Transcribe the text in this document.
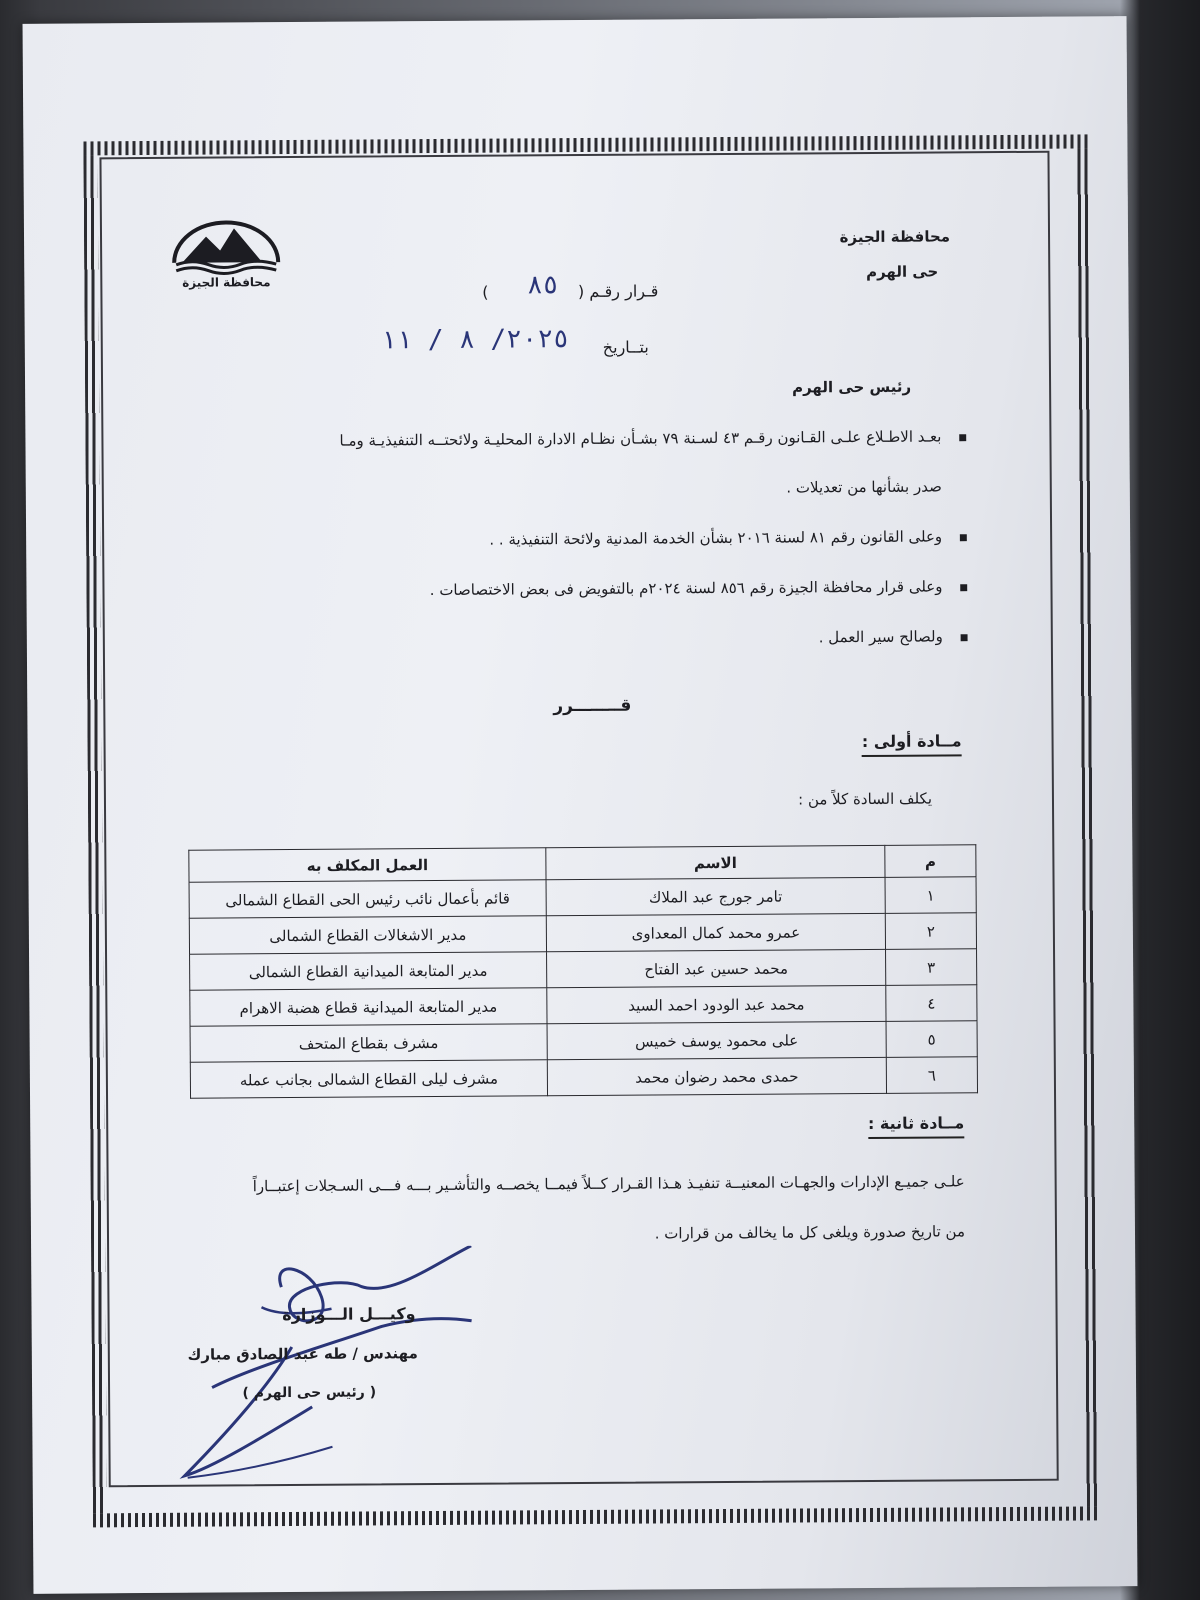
محافظة الجيزة
محافظة الجيزة
حى الهرم
قـرار رقـم (
٨٥
)
بتــاريخ
٢٠٢٥/ ٨ / ١١
رئيس حى الهرم
▪ بعـد الاطـلاع علـى القـانون رقـم ٤٣ لسـنة ٧٩ بشـأن نظـام الادارة المحليـة ولائحتــه التنفيذيـة ومـا
صدر بشأنها من تعديلات .
▪ وعلى القانون رقم ٨١ لسنة ٢٠١٦ بشأن الخدمة المدنية ولائحة التنفيذية . .
▪ وعلى قرار محافظة الجيزة رقم ٨٥٦ لسنة ٢٠٢٤م بالتفويض فى بعض الاختصاصات .
▪ ولصالح سير العمل .
قــــــــرر
مــادة أولى :
يكلف السادة كلاً من :
م	الاسم	العمل المكلف به
١	تامر جورج عبد الملاك	قائم بأعمال نائب رئيس الحى القطاع الشمالى
٢	عمرو محمد كمال المعداوى	مدير الاشغالات القطاع الشمالى
٣	محمد حسين عبد الفتاح	مدير المتابعة الميدانية القطاع الشمالى
٤	محمد عبد الودود احمد السيد	مدير المتابعة الميدانية قطاع هضبة الاهرام
٥	على محمود يوسف خميس	مشرف بقطاع المتحف
٦	حمدى محمد رضوان محمد	مشرف ليلى القطاع الشمالى بجانب عمله
مــادة ثانية :
علـى جميـع الإدارات والجهـات المعنيــة تنفيـذ هـذا القـرار كــلاً فيمــا يخصــه والتأشـير بـــه فـــى السـجلات إعتبــاراً
من تاريخ صدورة ويلغى كل ما يخالف من قرارات .
وكيـــل الـــوزارة
مهندس / طه عبد الصادق مبارك
( رئيس حى الهرم )
